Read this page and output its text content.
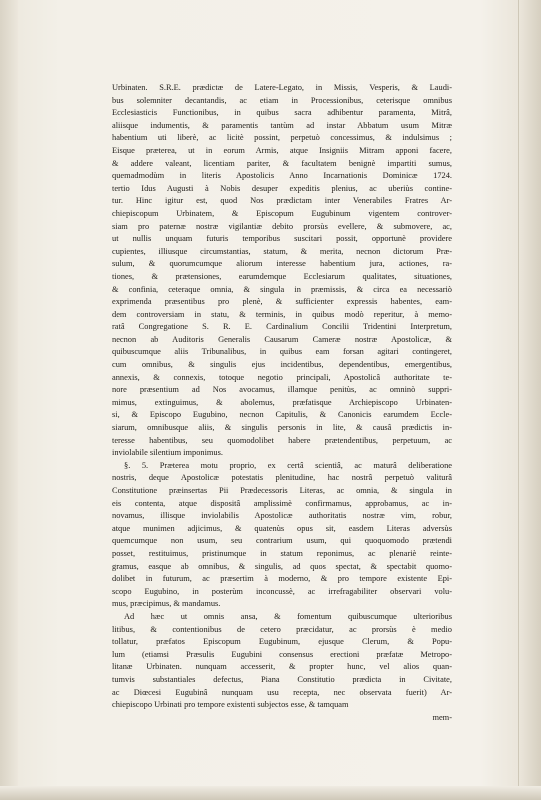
Urbinaten. S.R.E. prædictæ de Latere-Legato, in Missis, Vesperis, & Laudi-
bus solemniter decantandis, ac etiam in Processionibus, ceterisque omnibus
Ecclesiasticis Functionibus, in quibus sacra adhibentur paramenta, Mitrâ,
aliisque indumentis, & paramentis tantùm ad instar Abbatum usum Mitræ
habentium uti liberè, ac licitè possint, perpetuò concessimus, & indulsimus ;
Eisque præterea, ut in eorum Armis, atque Insigniis Mitram apponi facere,
& addere valeant, licentiam pariter, & facultatem benignè impartiti sumus,
quemadmodùm in literis Apostolicis Anno Incarnationis Dominicæ 1724.
tertio Idus Augusti à Nobis desuper expeditis plenius, ac uberiùs contine-
tur. Hinc igitur est, quod Nos prædictam inter Venerabiles Fratres Ar-
chiepiscopum Urbinatem, & Episcopum Eugubinum vigentem controver-
siam pro paternæ nostræ vigilantiæ debito prorsùs evellere, & submovere, ac,
ut nullis unquam futuris temporibus suscitari possit, opportunè providere
cupientes, illiusque circumstantias, statum, & merita, necnon dictorum Præ-
sulum, & quorumcumque aliorum interesse habentium jura, actiones, ra-
tiones, & prætensiones, earumdemque Ecclesiarum qualitates, situationes,
& confinia, ceteraque omnia, & singula in præmissis, & circa ea necessariò
exprimenda præsentibus pro plenè, & sufficienter expressis habentes, eam-
dem controversiam in statu, & terminis, in quibus modò reperitur, à memo-
ratâ Congregatione S. R. E. Cardinalium Concilii Tridentini Interpretum,
necnon ab Auditoris Generalis Causarum Cameræ nostræ Apostolicæ, &
quibuscumque aliis Tribunalibus, in quibus eam forsan agitari contingeret,
cum omnibus, & singulis ejus incidentibus, dependentibus, emergentibus,
annexis, & connexis, totoque negotio principali, Apostolicâ authoritate te-
nore præsentium ad Nos avocamus, illamque penitùs, ac omninò suppri-
mimus, extinguimus, & abolemus, præfatisque Archiepiscopo Urbinaten-
si, & Episcopo Eugubino, necnon Capitulis, & Canonicis earumdem Eccle-
siarum, omnibusque aliis, & singulis personis in lite, & causâ prædictis in-
teresse habentibus, seu quomodolibet habere prætendentibus, perpetuum, ac
inviolabile silentium imponimus.
§. 5. Præterea motu proprio, ex certâ scientiâ, ac maturâ deliberatione
nostris, deque Apostolicæ potestatis plenitudine, hac nostrâ perpetuò valiturâ
Constitutione præinsertas Pii Prædecessoris Literas, ac omnia, & singula in
eis contenta, atque dispositâ amplissimè confirmamus, approbamus, ac in-
novamus, illisque inviolabilis Apostolicæ authoritatis nostræ vim, robur,
atque munimen adjicimus, & quatenùs opus sit, easdem Literas adversùs
quemcumque non usum, seu contrarium usum, qui quoquomodo prætendi
posset, restituimus, pristinumque in statum reponimus, ac plenariè reinte-
gramus, easque ab omnibus, & singulis, ad quos spectat, & spectabit quomo-
dolibet in futurum, ac præsertim à moderno, & pro tempore existente Epi-
scopo Eugubino, in posterùm inconcussè, ac irrefragabiliter observari volu-
mus, præcipimus, & mandamus.
Ad hæc ut omnis ansa, & fomentum quibuscumque ulterioribus
litibus, & contentionibus de cetero præcidatur, ac prorsùs è medio
tollatur, præfatos Episcopum Eugubinum, ejusque Clerum, & Popu-
lum (etiamsi Præsulis Eugubini consensus erectioni præfatæ Metropo-
litanæ Urbinaten. nunquam accesserit, & propter hunc, vel alios quan-
tumvis substantiales defectus, Piana Constitutio prædicta in Civitate,
ac Diœcesi Eugubinâ nunquam usu recepta, nec observata fuerit) Ar-
chiepiscopo Urbinati pro tempore existenti subjectos esse, & tamquam
mem-
